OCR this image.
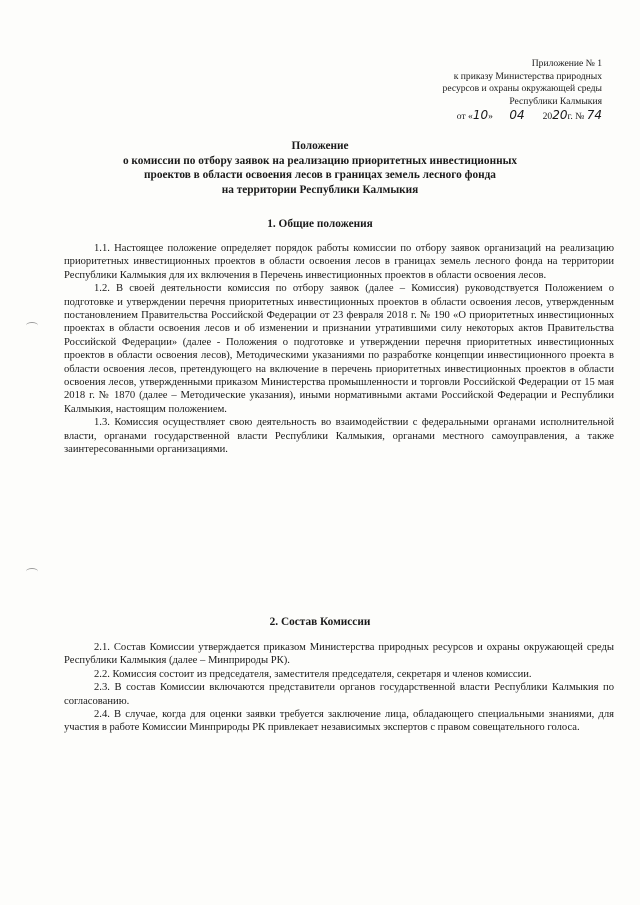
Приложение № 1
к приказу Министерства природных
ресурсов и охраны окружающей среды
Республики Калмыкия
от «10» 04 2020г. № 74
Положение
о комиссии по отбору заявок на реализацию приоритетных инвестиционных
проектов в области освоения лесов в границах земель лесного фонда
на территории Республики Калмыкия
1. Общие положения

1.1. Настоящее положение определяет порядок работы комиссии по отбору заявок организаций на реализацию приоритетных инвестиционных проектов в области освоения лесов в границах земель лесного фонда на территории Республики Калмыкия для их включения в Перечень инвестиционных проектов в области освоения лесов.

1.2. В своей деятельности комиссия по отбору заявок (далее – Комиссия) руководствуется Положением о подготовке и утверждении перечня приоритетных инвестиционных проектов в области освоения лесов, утвержденным постановлением Правительства Российской Федерации от 23 февраля 2018 г. № 190 «О приоритетных инвестиционных проектах в области освоения лесов и об изменении и признании утратившими силу некоторых актов Правительства Российской Федерации» (далее - Положения о подготовке и утверждении перечня приоритетных инвестиционных проектов в области освоения лесов), Методическими указаниями по разработке концепции инвестиционного проекта в области освоения лесов, претендующего на включение в перечень приоритетных инвестиционных проектов в области освоения лесов, утвержденными приказом Министерства промышленности и торговли Российской Федерации от 15 мая 2018 г. № 1870 (далее – Методические указания), иными нормативными актами Российской Федерации и Республики Калмыкия, настоящим положением.

1.3. Комиссия осуществляет свою деятельность во взаимодействии с федеральными органами исполнительной власти, органами государственной власти Республики Калмыкия, органами местного самоуправления, а также заинтересованными организациями.

2. Состав Комиссии

2.1. Состав Комиссии утверждается приказом Министерства природных ресурсов и охраны окружающей среды Республики Калмыкия (далее – Минприроды РК).

2.2. Комиссия состоит из председателя, заместителя председателя, секретаря и членов комиссии.

2.3. В состав Комиссии включаются представители органов государственной власти Республики Калмыкия по согласованию.

2.4. В случае, когда для оценки заявки требуется заключение лица, обладающего специальными знаниями, для участия в работе Комиссии Минприроды РК привлекает независимых экспертов с правом совещательного голоса.
